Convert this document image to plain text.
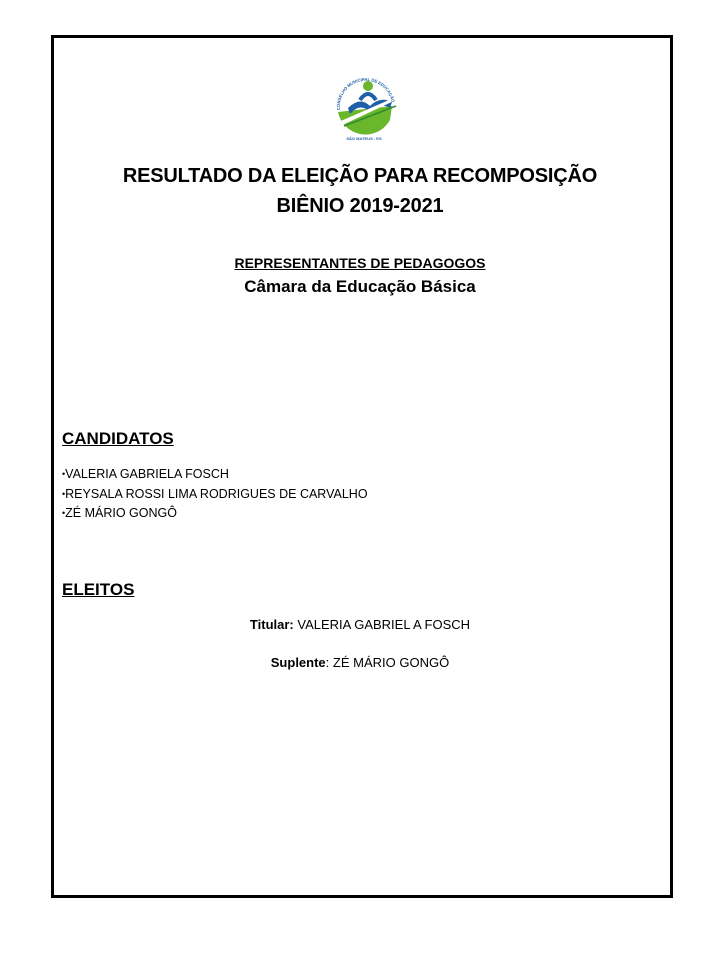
CONSELHO MUNICIPAL DE EDUCAÇÃO
SÃO MATEUS - ES
RESULTADO DA ELEIÇÃO PARA RECOMPOSIÇÃO
BIÊNIO 2019-2021
REPRESENTANTES DE PEDAGOGOS
Câmara da Educação Básica
CANDIDATOS
•VALERIA GABRIELA FOSCH
•REYSALA ROSSI LIMA RODRIGUES DE CARVALHO
•ZÉ MÁRIO GONGÔ
ELEITOS
Titular: VALERIA GABRIEL A FOSCH
Suplente: ZÉ MÁRIO GONGÔ
